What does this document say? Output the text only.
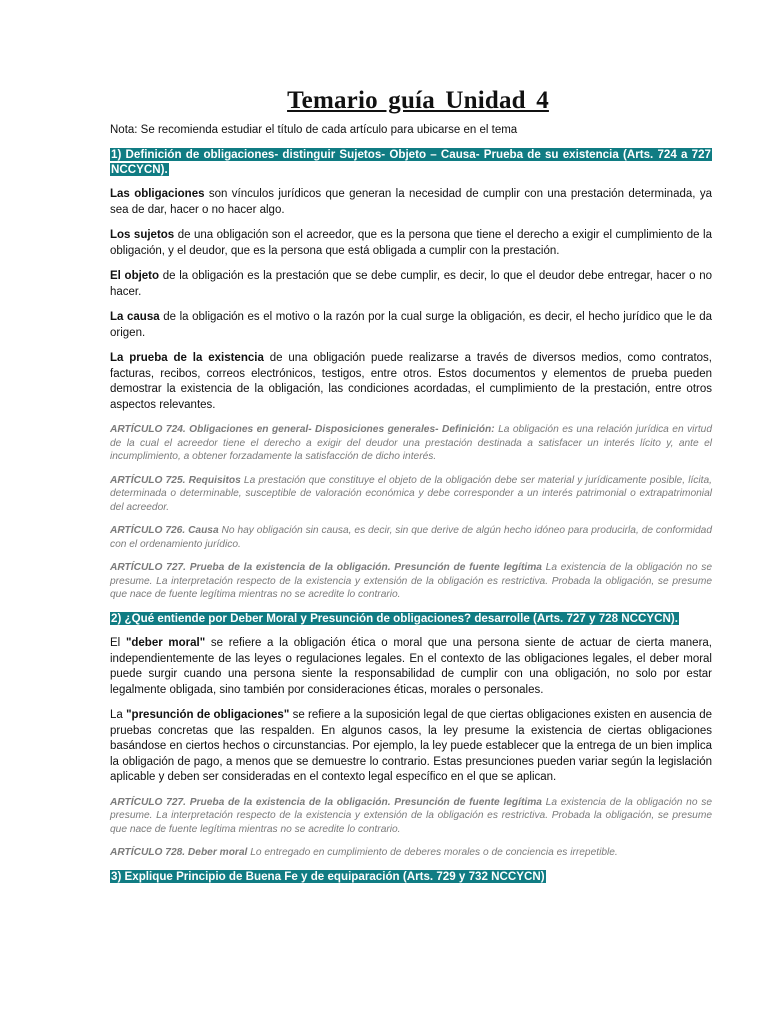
Temario guía Unidad 4
Nota: Se recomienda estudiar el título de cada artículo para ubicarse en el tema
1) Definición de obligaciones- distinguir Sujetos- Objeto – Causa- Prueba de su existencia (Arts. 724 a 727 NCCYCN).

Las obligaciones son vínculos jurídicos que generan la necesidad de cumplir con una prestación determinada, ya sea de dar, hacer o no hacer algo.

Los sujetos de una obligación son el acreedor, que es la persona que tiene el derecho a exigir el cumplimiento de la obligación, y el deudor, que es la persona que está obligada a cumplir con la prestación.

El objeto de la obligación es la prestación que se debe cumplir, es decir, lo que el deudor debe entregar, hacer o no hacer.

La causa de la obligación es el motivo o la razón por la cual surge la obligación, es decir, el hecho jurídico que le da origen.

La prueba de la existencia de una obligación puede realizarse a través de diversos medios, como contratos, facturas, recibos, correos electrónicos, testigos, entre otros. Estos documentos y elementos de prueba pueden demostrar la existencia de la obligación, las condiciones acordadas, el cumplimiento de la prestación, entre otros aspectos relevantes.

ARTÍCULO 724. Obligaciones en general- Disposiciones generales- Definición: La obligación es una relación jurídica en virtud de la cual el acreedor tiene el derecho a exigir del deudor una prestación destinada a satisfacer un interés lícito y, ante el incumplimiento, a obtener forzadamente la satisfacción de dicho interés.

ARTÍCULO 725. Requisitos La prestación que constituye el objeto de la obligación debe ser material y jurídicamente posible, lícita, determinada o determinable, susceptible de valoración económica y debe corresponder a un interés patrimonial o extrapatrimonial del acreedor.

ARTÍCULO 726. Causa No hay obligación sin causa, es decir, sin que derive de algún hecho idóneo para producirla, de conformidad con el ordenamiento jurídico.

ARTÍCULO 727. Prueba de la existencia de la obligación. Presunción de fuente legítima La existencia de la obligación no se presume. La interpretación respecto de la existencia y extensión de la obligación es restrictiva. Probada la obligación, se presume que nace de fuente legítima mientras no se acredite lo contrario.

2) ¿Qué entiende por Deber Moral y Presunción de obligaciones? desarrolle (Arts. 727 y 728 NCCYCN).

El "deber moral" se refiere a la obligación ética o moral que una persona siente de actuar de cierta manera, independientemente de las leyes o regulaciones legales. En el contexto de las obligaciones legales, el deber moral puede surgir cuando una persona siente la responsabilidad de cumplir con una obligación, no solo por estar legalmente obligada, sino también por consideraciones éticas, morales o personales.

La "presunción de obligaciones" se refiere a la suposición legal de que ciertas obligaciones existen en ausencia de pruebas concretas que las respalden. En algunos casos, la ley presume la existencia de ciertas obligaciones basándose en ciertos hechos o circunstancias. Por ejemplo, la ley puede establecer que la entrega de un bien implica la obligación de pago, a menos que se demuestre lo contrario. Estas presunciones pueden variar según la legislación aplicable y deben ser consideradas en el contexto legal específico en el que se aplican.

ARTÍCULO 727. Prueba de la existencia de la obligación. Presunción de fuente legítima La existencia de la obligación no se presume. La interpretación respecto de la existencia y extensión de la obligación es restrictiva. Probada la obligación, se presume que nace de fuente legítima mientras no se acredite lo contrario.

ARTÍCULO 728. Deber moral Lo entregado en cumplimiento de deberes morales o de conciencia es irrepetible.

3) Explique Principio de Buena Fe y de equiparación (Arts. 729 y 732 NCCYCN)
